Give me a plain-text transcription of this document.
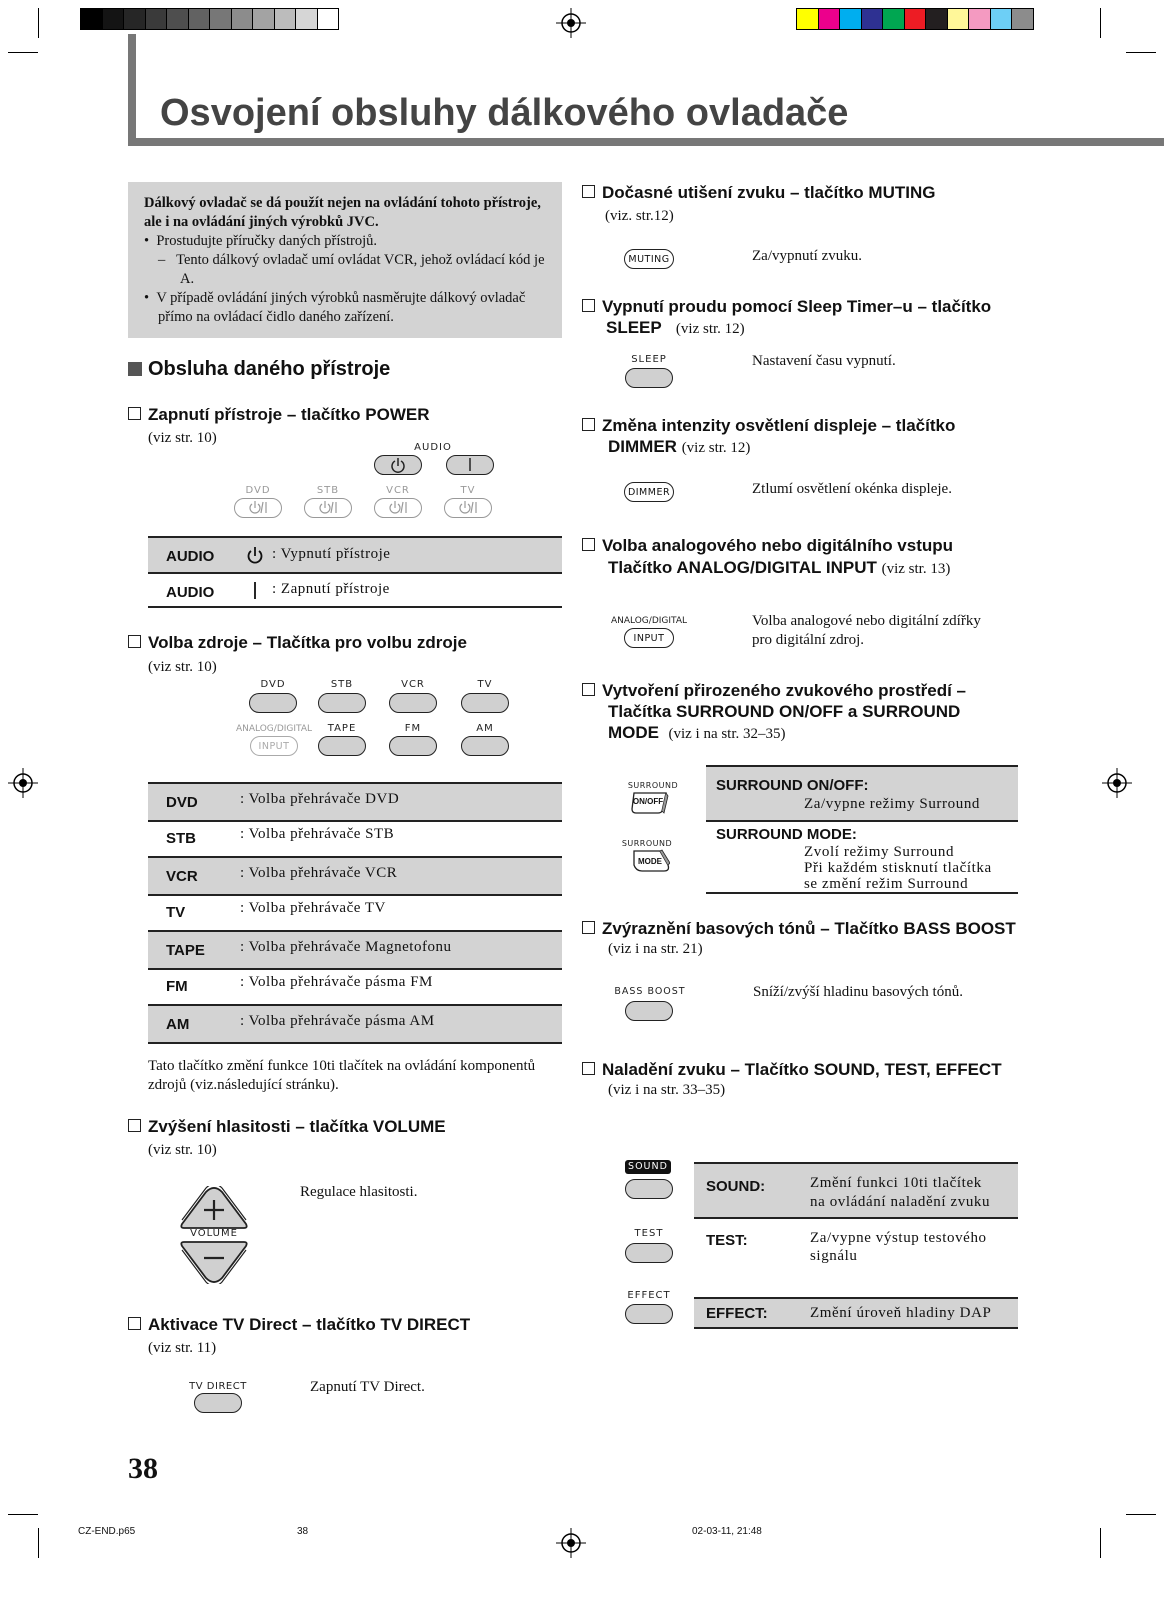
Osvojení obsluhy dálkového ovladače
Dálkový ovladač se dá použít nejen na ovládání tohoto přístroje, ale i na ovládání jiných výrobků JVC.
•  Prostudujte příručky daných přístrojů.
–   Tento dálkový ovladač umí ovládat VCR, jehož ovládací kód je A.
•  V případě ovládání jiných výrobků nasměrujte dálkový ovladač přímo na ovládací čidlo daného zařízení.
Obsluha daného přístroje
Zapnutí přístroje – tlačítko POWER
(viz str. 10)
AUDIO
DVD	STB	VCR	TV
AUDIO	: Vypnutí přístroje
AUDIO	: Zapnutí přístroje
Volba zdroje – Tlačítka pro volbu zdroje
(viz str. 10)
DVD	STB	VCR	TV
ANALOG/DIGITAL
INPUT
TAPE	FM	AM
DVD	: Volba přehrávače DVD
STB	: Volba přehrávače STB
VCR	: Volba přehrávače VCR
TV	: Volba přehrávače TV
TAPE : Volba přehrávače Magnetofonu
FM	: Volba přehrávače pásma FM
AM	: Volba přehrávače pásma AM
Tato tlačítko změní funkce 10ti tlačítek na ovládání komponentů zdrojů (viz.následující stránku).
Zvýšení hlasitosti – tlačítka VOLUME
(viz str. 10)
VOLUME
Regulace hlasitosti.
Aktivace TV Direct – tlačítko TV DIRECT
(viz str. 11)
TV DIRECT	Zapnutí TV Direct.
38
Dočasné utišení zvuku – tlačítko MUTING
(viz. str.12)
MUTING	Za/vypnutí zvuku.
Vypnutí proudu pomocí Sleep Timer–u – tlačítko
SLEEP (viz str. 12)
SLEEP	Nastavení času vypnutí.
Změna intenzity osvětlení displeje – tlačítko
DIMMER (viz str. 12)
DIMMER	Ztlumí osvětlení okénka displeje.
Volba analogového nebo digitálního vstupu
Tlačítko ANALOG/DIGITAL INPUT (viz str. 13)
ANALOG/DIGITAL
INPUT
Volba analogové nebo digitální zdířky
pro digitální zdroj.
Vytvoření přirozeného zvukového prostředí –
Tlačítka SURROUND ON/OFF a SURROUND
MODE (viz i na str. 32–35)
SURROUND
ON/OFF
SURROUND
MODE
SURROUND ON/OFF:
Za/vypne režimy Surround
SURROUND MODE:
Zvolí režimy Surround
Při každém stisknutí tlačítka
se změní režim Surround
Zvýraznění basových tónů – Tlačítko BASS BOOST
(viz i na str. 21)
BASS BOOST	Sníží/zvýší hladinu basových tónů.
Naladění zvuku – Tlačítko SOUND, TEST, EFFECT
(viz i na str. 33–35)
SOUND
TEST
EFFECT
SOUND:	Změní funkci 10ti tlačítek
na ovládání naladění zvuku
TEST:	Za/vypne výstup testového
signálu
EFFECT:	Změní úroveň hladiny DAP
CZ-END.p65	38	02-03-11, 21:48
